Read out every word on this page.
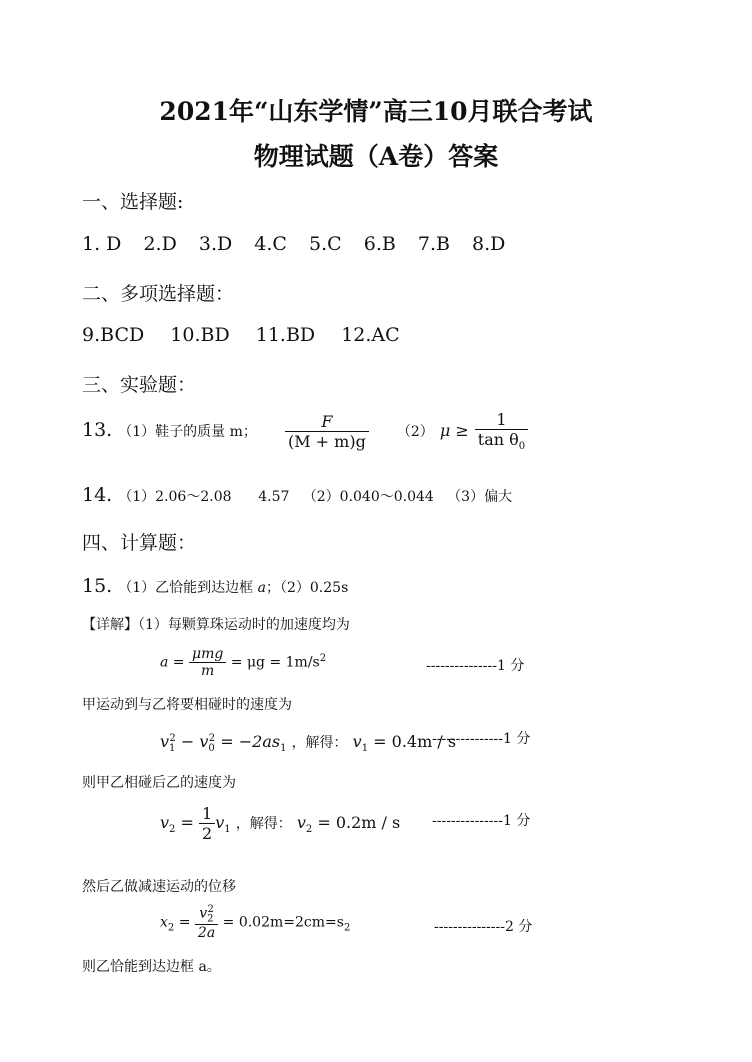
2021年“山东学情”高三10月联合考试
物理试题（A卷）答案
一、选择题:
1. D 2.D 3.D 4.C 5.C 6.B 7.B 8.D
二、多项选择题：
9.BCD 10.BD 11.BD 12.AC
三、实验题：
13. （1）鞋子的质量 m； $\frac{F}{(M + m)g} (2) \mu \ge \frac{1}{\tan \theta_0}$
14. （1）2.06～2.08      4.57   （2）0.040～0.044   （3）偏大
四、计算题：
15. （1）乙恰能到达边框 a；（2）0.25s
【详解】（1）每颗算珠运动时的加速度均为
$a = \frac{\text{μmg}}{m} = \mu g = 1m/s^2$	---------------1 分
甲运动到与乙将要相碰时的速度为
$v_1^2 - v_0^2 = -2as_1$ ，解得： $v_1 = 0.4m / s$
---------------1 分
则甲乙相碰后乙的速度为
$v_2 = \frac{1}{2} v_1$ ，解得： $v_2 = 0.2m / s$ ---------------1 分
然后乙做减速运动的位移
$x_2 = \frac{v_2^2}{2a} = 0.02m=2cm=s_2$	---------------2 分
则乙恰能到达边框 a。
